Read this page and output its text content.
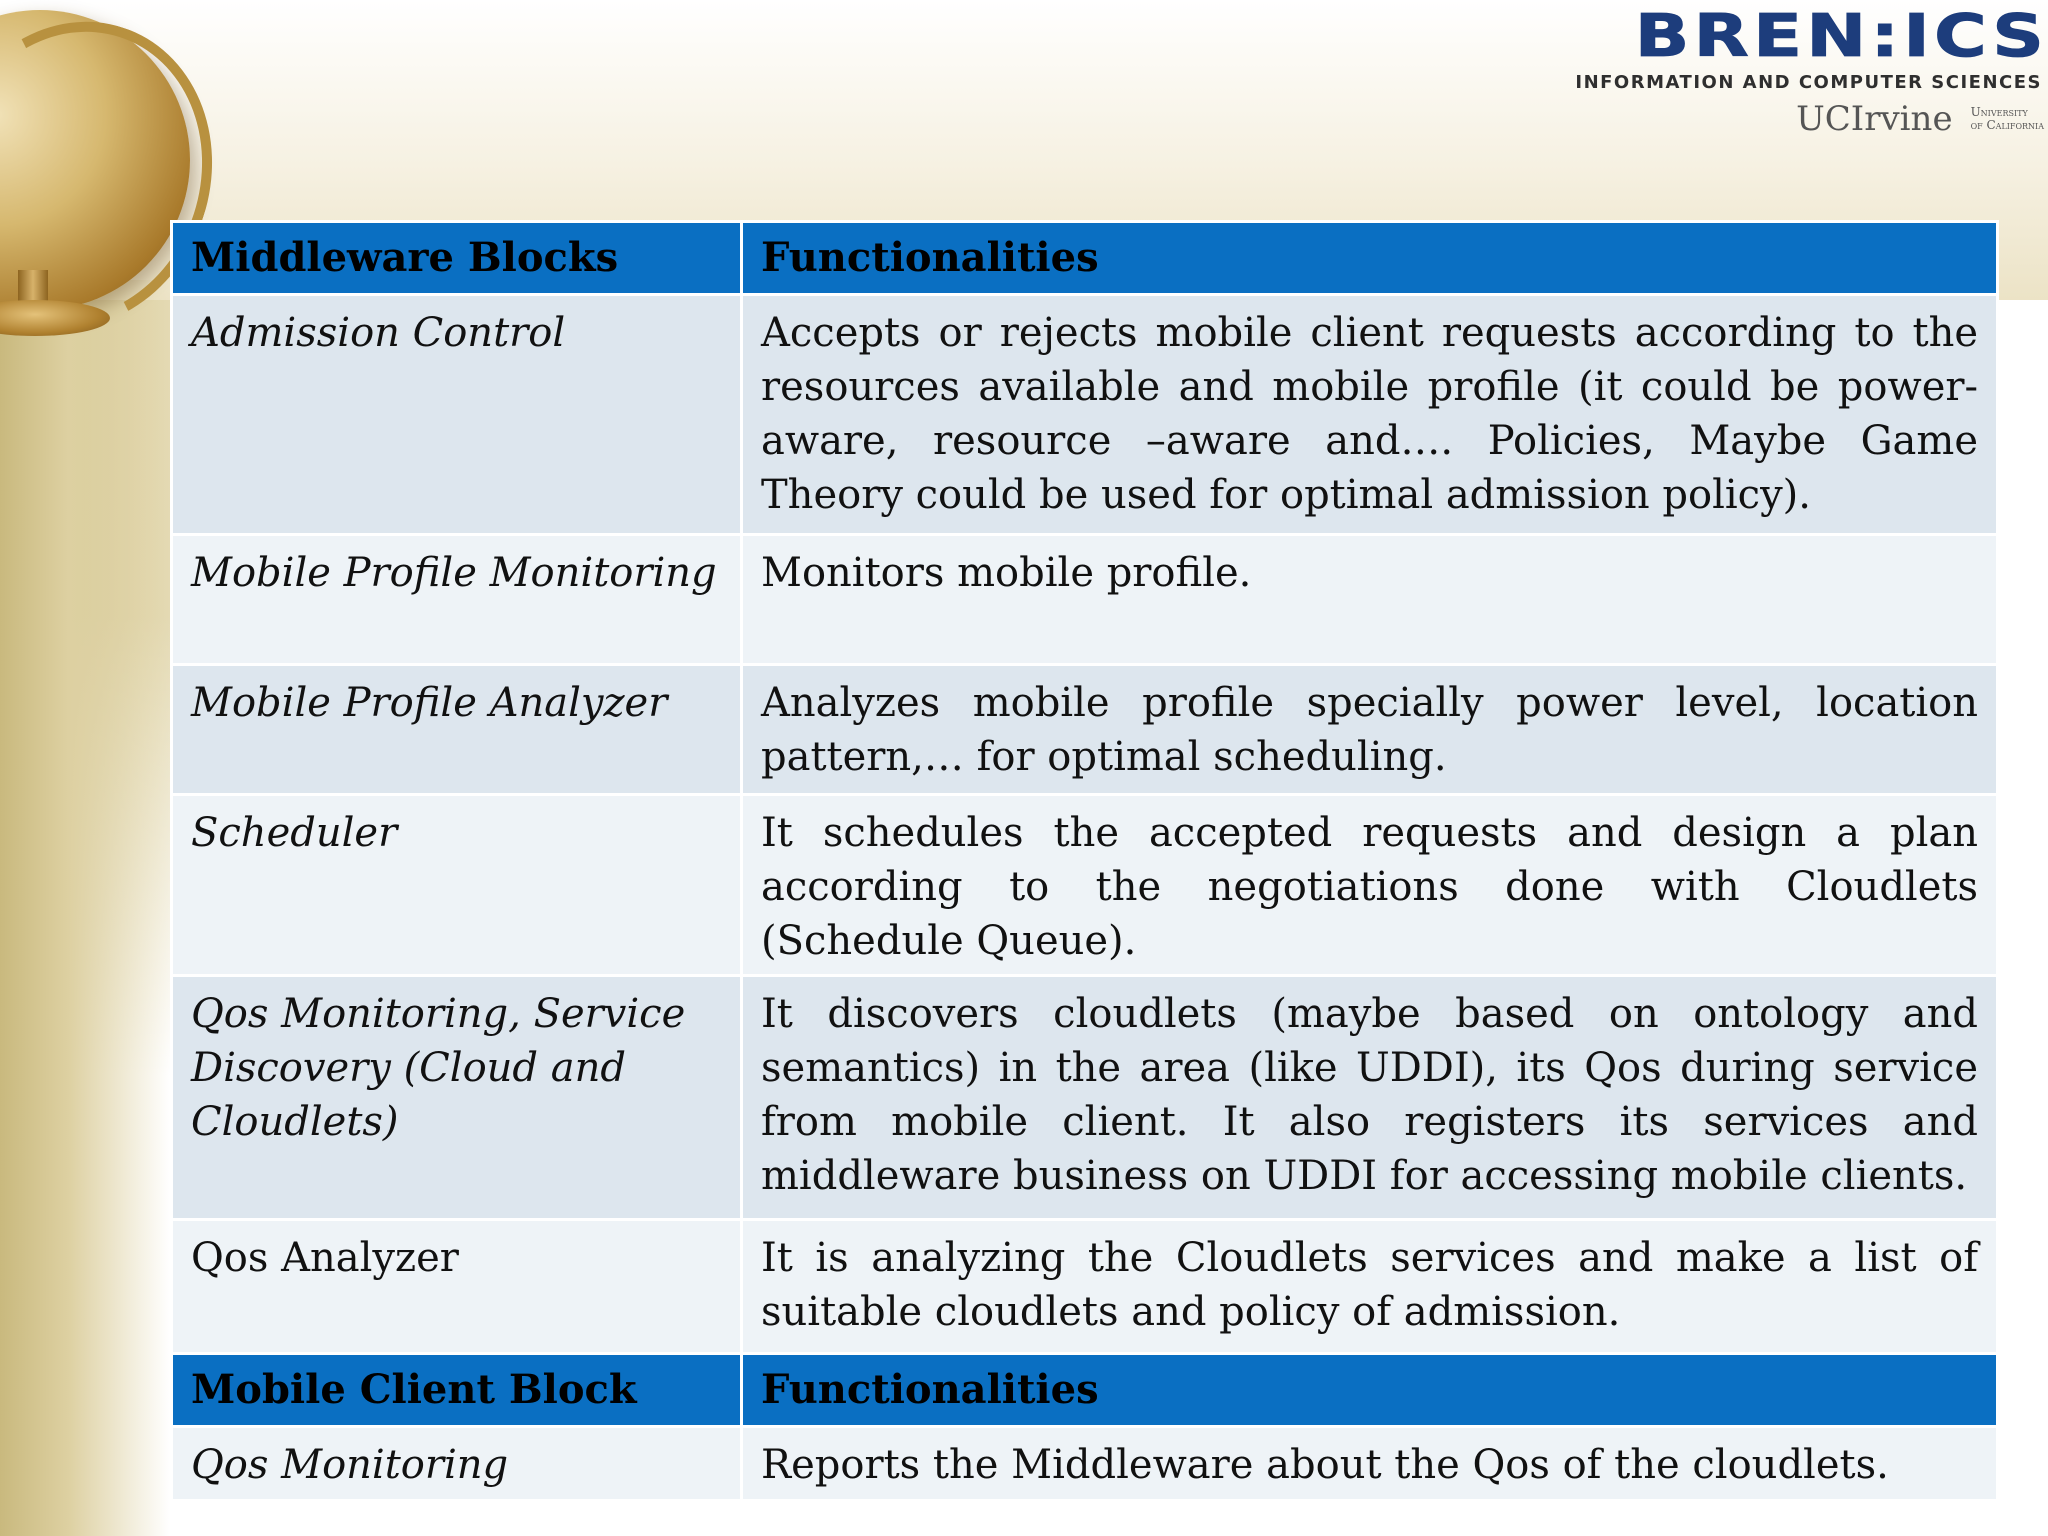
BREN:ICS
INFORMATION AND COMPUTER SCIENCES
UCIrvine University
of California
Middleware Blocks	Functionalities
Admission Control	Accepts or rejects mobile client requests according to the resources available and mobile profile (it could be power-aware, resource –aware and…. Policies, Maybe Game Theory could be used for optimal admission policy).
Mobile Profile Monitoring	Monitors mobile profile.
Mobile Profile Analyzer	Analyzes mobile profile specially power level, location pattern,… for optimal scheduling.
Scheduler	It schedules the accepted requests and design a plan according to the negotiations done with Cloudlets (Schedule Queue).
Qos Monitoring, Service Discovery (Cloud and Cloudlets)	It discovers cloudlets (maybe based on ontology and semantics) in the area (like UDDI), its Qos during service from mobile client. It also registers its services and middleware business on UDDI for accessing mobile clients.
Qos Analyzer	It is analyzing the Cloudlets services and make a list of suitable cloudlets and policy of admission.
Mobile Client Block	Functionalities
Qos Monitoring	Reports the Middleware about the Qos of the cloudlets.
